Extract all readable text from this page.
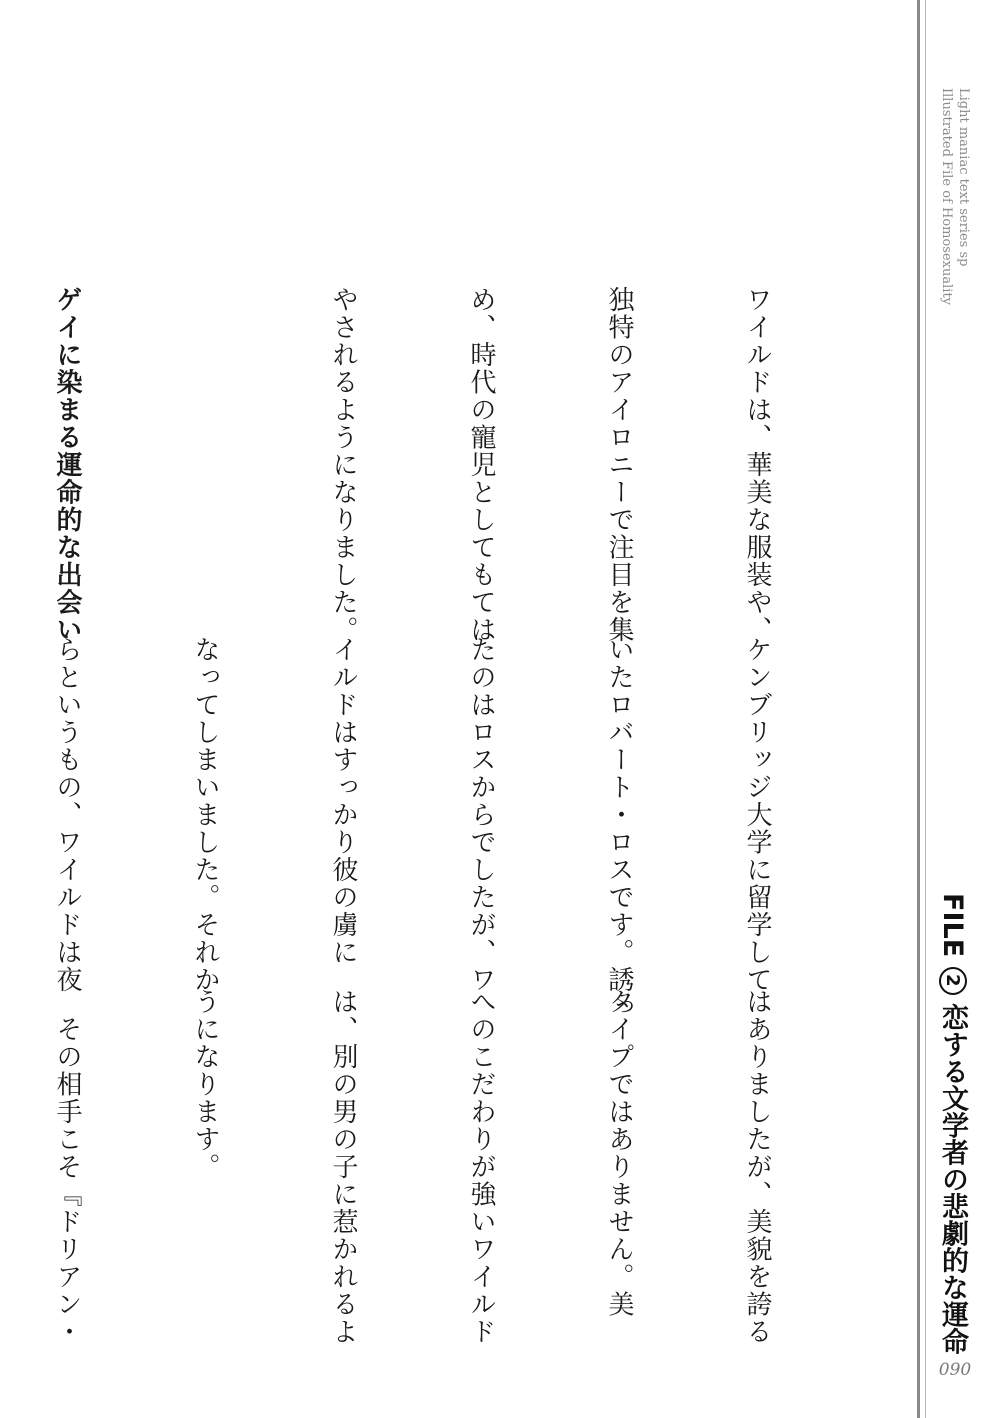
Light maniac text series sp
Illustrated File of Homosexuality
FILE 2 恋する文学者の悲劇的な運命
090

ワイルドは、華美な服装や、

独特のアイロニーで注目を集

め、時代の寵児としてもては

やされるようになりました。

ゲイに染まる運命的な出会い

ケンブリッジ大学に留学して

いたロバート・ロスです。誘っ

たのはロスからでしたが、ワ

イルドはすっかり彼の虜に

なってしまいました。それか

らというもの、ワイルドは夜

はありましたが、美貌を誇る

タイプではありません。美

へのこだわりが強いワイルド

は、別の男の子に惹かれるよ

うになります。

　その相手こそ『ドリアン・
